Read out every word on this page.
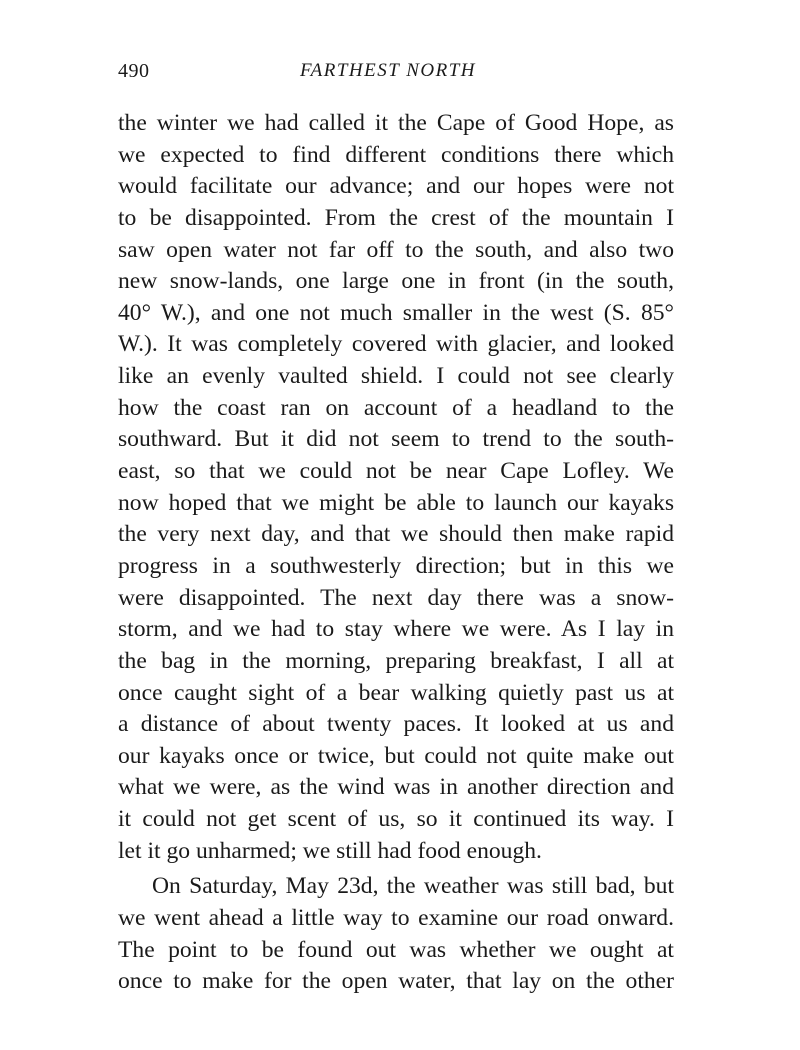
490	FARTHEST NORTH
the winter we had called it the Cape of Good Hope, as
we expected to find different conditions there which
would facilitate our advance; and our hopes were not
to be disappointed. From the crest of the mountain I
saw open water not far off to the south, and also two
new snow-lands, one large one in front (in the south,
40° W.), and one not much smaller in the west (S. 85°
W.). It was completely covered with glacier, and looked
like an evenly vaulted shield. I could not see clearly
how the coast ran on account of a headland to the
southward. But it did not seem to trend to the south-
east, so that we could not be near Cape Lofley. We
now hoped that we might be able to launch our kayaks
the very next day, and that we should then make rapid
progress in a southwesterly direction; but in this we
were disappointed. The next day there was a snow-
storm, and we had to stay where we were. As I lay in
the bag in the morning, preparing breakfast, I all at
once caught sight of a bear walking quietly past us at
a distance of about twenty paces. It looked at us and
our kayaks once or twice, but could not quite make out
what we were, as the wind was in another direction and
it could not get scent of us, so it continued its way. I
let it go unharmed; we still had food enough.
On Saturday, May 23d, the weather was still bad, but
we went ahead a little way to examine our road onward.
The point to be found out was whether we ought at
once to make for the open water, that lay on the other
